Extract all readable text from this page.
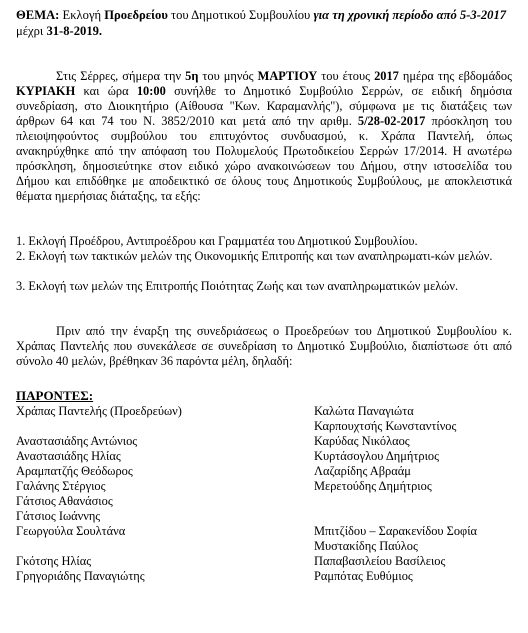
ΘΕΜΑ: Εκλογή Προεδρείου του Δημοτικού Συμβουλίου για τη χρονική περίοδο από 5-3-2017 μέχρι 31-8-2019.
Στις Σέρρες, σήμερα την 5η του μηνός ΜΑΡΤΙΟΥ του έτους 2017 ημέρα της εβδομάδος ΚΥΡΙΑΚΗ και ώρα 10:00 συνήλθε το Δημοτικό Συμβούλιο Σερρών, σε ειδική δημόσια συνεδρίαση, στο Διοικητήριο (Αίθουσα "Κων. Καραμανλής"), σύμφωνα με τις διατάξεις των άρθρων 64 και 74 του Ν. 3852/2010 και μετά από την αριθμ. 5/28-02-2017 πρόσκληση του πλειοψηφούντος συμβούλου του επιτυχόντος συνδυασμού, κ. Χράπα Παντελή, όπως ανακηρύχθηκε από την απόφαση του Πολυμελούς Πρωτοδικείου Σερρών 17/2014. Η ανωτέρω πρόσκληση, δημοσιεύτηκε στον ειδικό χώρο ανακοινώσεων του Δήμου, στην ιστοσελίδα του Δήμου και επιδόθηκε με αποδεικτικό σε όλους τους Δημοτικούς Συμβούλους, με αποκλειστικά θέματα ημερήσιας διάταξης, τα εξής:
1. Εκλογή Προέδρου, Αντιπροέδρου και Γραμματέα του Δημοτικού Συμβουλίου.
2. Εκλογή των τακτικών μελών της Οικονομικής Επιτροπής και των αναπληρωματι-κών μελών.
3. Εκλογή των μελών της Επιτροπής Ποιότητας Ζωής και των αναπληρωματικών μελών.
Πριν από την έναρξη της συνεδριάσεως ο Προεδρεύων του Δημοτικού Συμβουλίου κ. Χράπας Παντελής που συνεκάλεσε σε συνεδρίαση το Δημοτικό Συμβούλιο, διαπίστωσε ότι από σύνολο 40 μελών, βρέθηκαν 36 παρόντα μέλη, δηλαδή:
ΠΑΡΟΝΤΕΣ:
Χράπας Παντελής (Προεδρεύων)
Αναστασιάδης Αντώνιος
Αναστασιάδης Ηλίας
Αραμπατζής Θεόδωρος
Γαλάνης Στέργιος
Γάτσιος Αθανάσιος
Γάτσιος Ιωάννης
Γεωργούλα Σουλτάνα
Γκότσης Ηλίας
Γρηγοριάδης Παναγιώτης
Καλώτα Παναγιώτα
Καρπουχτσής Κωνσταντίνος
Καρύδας Νικόλαος
Κυρτάσογλου Δημήτριος
Λαζαρίδης Αβραάμ
Μερετούδης Δημήτριος
Μπιτζίδου – Σαρακενίδου Σοφία
Μυστακίδης Παύλος
Παπαβασιλείου Βασίλειος
Ραμπότας Ευθύμιος
